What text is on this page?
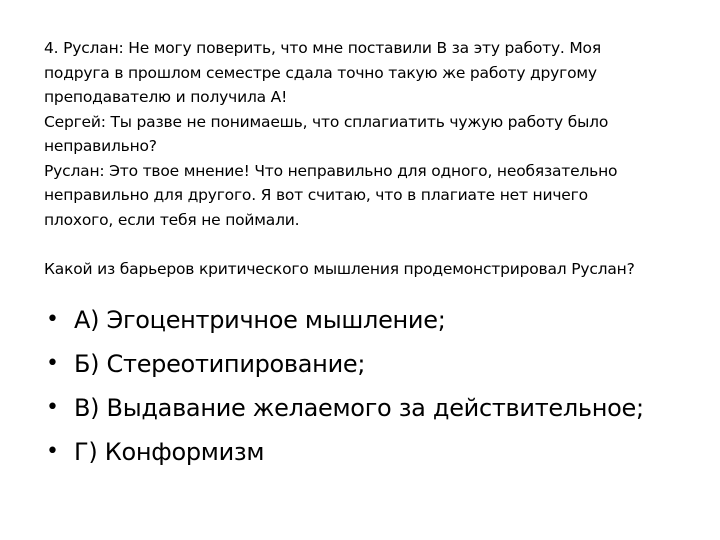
4. Руслан: Не могу поверить, что мне поставили В за эту работу. Моя
подруга в прошлом семестре сдала точно такую же работу другому
преподавателю и получила А!
Сергей: Ты разве не понимаешь, что сплагиатить чужую работу было
неправильно?
Руслан: Это твое мнение! Что неправильно для одного, необязательно
неправильно для другого. Я вот считаю, что в плагиате нет ничего
плохого, если тебя не поймали.
Какой из барьеров критического мышления продемонстрировал Руслан?
• А) Эгоцентричное мышление;
• Б) Стереотипирование;
• В) Выдавание желаемого за действительное;
• Г) Конформизм
